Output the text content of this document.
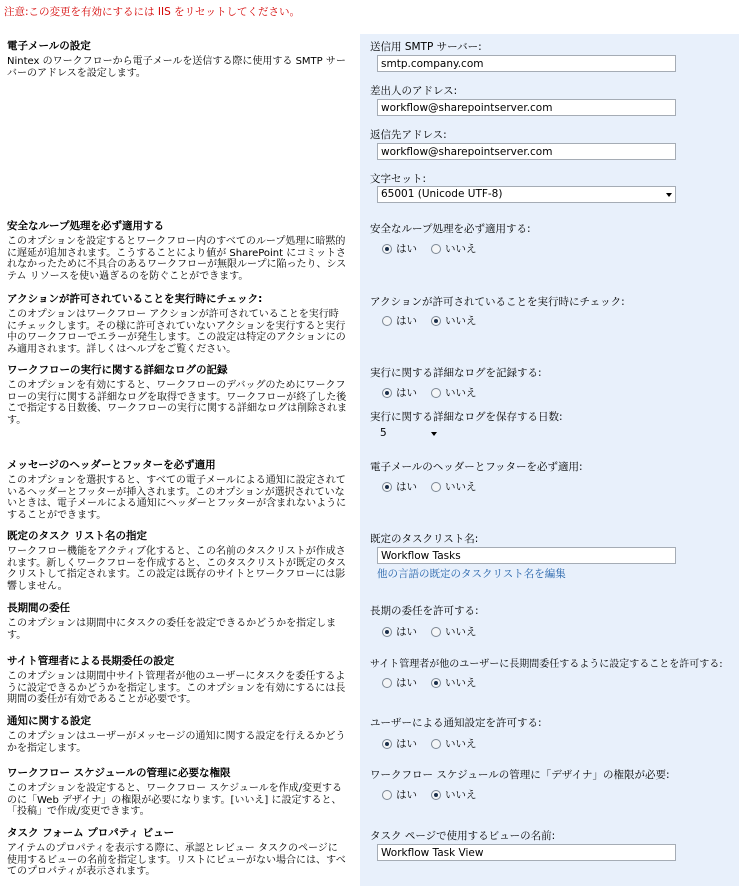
注意:この変更を有効にするには IIS をリセットしてください。
電子メールの設定
Nintex のワークフローから電子メールを送信する際に使用する SMTP サーバーのアドレスを設定します。
送信用 SMTP サーバー:
smtp.company.com
差出人のアドレス:
workflow@sharepointserver.com
返信先アドレス:
workflow@sharepointserver.com
文字セット:
65001 (Unicode UTF-8)
安全なループ処理を必ず適用する
このオプションを設定するとワークフロー内のすべてのループ処理に暗黙的に遅延が追加されます。こうすることにより値が SharePoint にコミットされなかったために不具合のあるワークフローが無限ループに陥ったり、システム リソースを使い過ぎるのを防ぐことができます。
安全なループ処理を必ず適用する:
はい	いいえ
アクションが許可されていることを実行時にチェック:
このオプションはワークフロー アクションが許可されていることを実行時にチェックします。その様に許可されていないアクションを実行すると実行中のワークフローでエラーが発生します。この設定は特定のアクションにのみ適用されます。詳しくはヘルプをご覧ください。
アクションが許可されていることを実行時にチェック:
はい	いいえ
ワークフローの実行に関する詳細なログの記録
このオプションを有効にすると、ワークフローのデバッグのためにワークフローの実行に関する詳細なログを取得できます。ワークフローが終了した後こで指定する日数後、ワークフローの実行に関する詳細なログは削除されます。
実行に関する詳細なログを記録する:
はい	いいえ
実行に関する詳細なログを保存する日数:
5
メッセージのヘッダーとフッターを必ず適用
このオプションを選択すると、すべての電子メールによる通知に設定されているヘッダーとフッターが挿入されます。このオプションが選択されていないときは、電子メールによる通知にヘッダーとフッターが含まれないようにすることができます。
電子メールのヘッダーとフッターを必ず適用:
はい	いいえ
既定のタスク リスト名の指定
ワークフロー機能をアクティブ化すると、この名前のタスクリストが作成されます。新しくワークフローを作成すると、このタスクリストが既定のタスクリストして指定されます。この設定は既存のサイトとワークフローには影響しません。
既定のタスクリスト名:
Workflow Tasks
他の言語の既定のタスクリスト名を編集
長期間の委任
このオプションは期間中にタスクの委任を設定できるかどうかを指定します。
長期の委任を許可する:
はい	いいえ
サイト管理者による長期委任の設定
このオプションは期間中サイト管理者が他のユーザーにタスクを委任するように設定できるかどうかを指定します。このオプションを有効にするには長期間の委任が有効であることが必要です。
サイト管理者が他のユーザーに長期間委任するように設定することを許可する:
はい	いいえ
通知に関する設定
このオプションはユーザーがメッセージの通知に関する設定を行えるかどうかを指定します。
ユーザーによる通知設定を許可する:
はい	いいえ
ワークフロー スケジュールの管理に必要な権限
このオプションを設定すると、ワークフロー スケジュールを作成/変更するのに「Web デザイナ」の権限が必要になります。[いいえ] に設定すると、「投稿」で作成/変更できます。
ワークフロー スケジュールの管理に「デザイナ」の権限が必要:
はい	いいえ
タスク フォーム プロパティ ビュー
アイテムのプロパティを表示する際に、承認とレビュー タスクのページに使用するビューの名前を指定します。リストにビューがない場合には、すべてのプロパティが表示されます。
タスク ページで使用するビューの名前:
Workflow Task View
